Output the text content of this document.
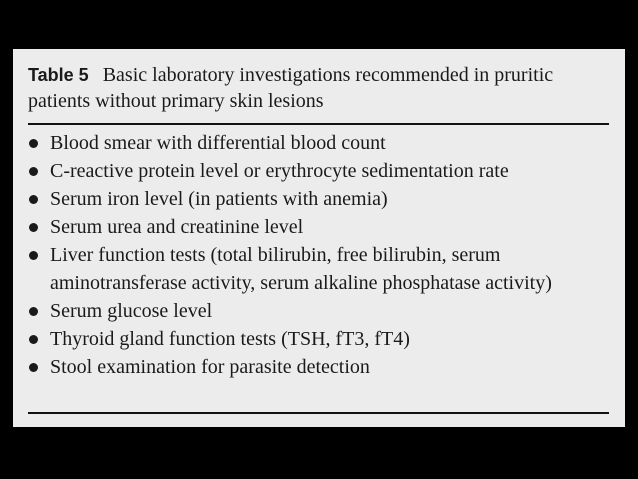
Table 5 Basic laboratory investigations recommended in pruritic patients without primary skin lesions
Blood smear with differential blood count
C-reactive protein level or erythrocyte sedimentation rate
Serum iron level (in patients with anemia)
Serum urea and creatinine level
Liver function tests (total bilirubin, free bilirubin, serum aminotransferase activity, serum alkaline phosphatase activity)
Serum glucose level
Thyroid gland function tests (TSH, fT3, fT4)
Stool examination for parasite detection
